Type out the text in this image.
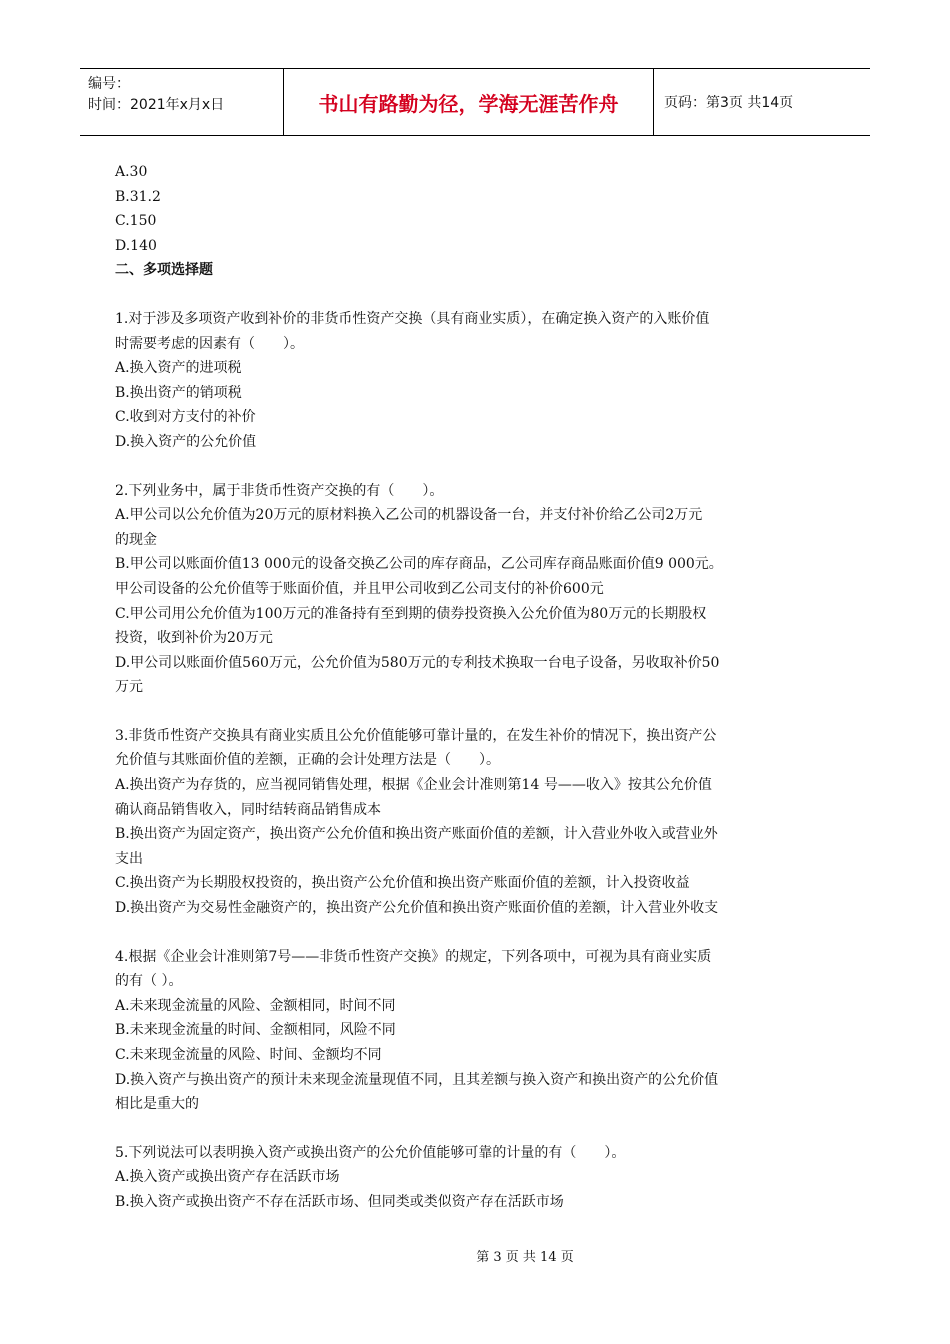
编号：
时间：2021年x月x日	书山有路勤为径，学海无涯苦作舟	页码：第3页 共14页

A.30

B.31.2

C.150

D.140

二、多项选择题

1.对于涉及多项资产收到补价的非货币性资产交换（具有商业实质），在确定换入资产的入账价值

时需要考虑的因素有（　　）。

A.换入资产的进项税

B.换出资产的销项税

C.收到对方支付的补价

D.换入资产的公允价值

2.下列业务中，属于非货币性资产交换的有（　　）。

A.甲公司以公允价值为20万元的原材料换入乙公司的机器设备一台，并支付补价给乙公司2万元

的现金

B.甲公司以账面价值13 000元的设备交换乙公司的库存商品，乙公司库存商品账面价值9 000元。

甲公司设备的公允价值等于账面价值，并且甲公司收到乙公司支付的补价600元

C.甲公司用公允价值为100万元的准备持有至到期的债券投资换入公允价值为80万元的长期股权

投资，收到补价为20万元

D.甲公司以账面价值560万元，公允价值为580万元的专利技术换取一台电子设备，另收取补价50

万元

3.非货币性资产交换具有商业实质且公允价值能够可靠计量的，在发生补价的情况下，换出资产公

允价值与其账面价值的差额，正确的会计处理方法是（　　）。

A.换出资产为存货的，应当视同销售处理，根据《企业会计准则第14 号——收入》按其公允价值

确认商品销售收入，同时结转商品销售成本

B.换出资产为固定资产，换出资产公允价值和换出资产账面价值的差额，计入营业外收入或营业外

支出

C.换出资产为长期股权投资的，换出资产公允价值和换出资产账面价值的差额，计入投资收益

D.换出资产为交易性金融资产的，换出资产公允价值和换出资产账面价值的差额，计入营业外收支

4.根据《企业会计准则第7号——非货币性资产交换》的规定，下列各项中，可视为具有商业实质

的有（ ）。

A.未来现金流量的风险、金额相同，时间不同

B.未来现金流量的时间、金额相同，风险不同

C.未来现金流量的风险、时间、金额均不同

D.换入资产与换出资产的预计未来现金流量现值不同，且其差额与换入资产和换出资产的公允价值

相比是重大的

5.下列说法可以表明换入资产或换出资产的公允价值能够可靠的计量的有（　　）。

A.换入资产或换出资产存在活跃市场

B.换入资产或换出资产不存在活跃市场、但同类或类似资产存在活跃市场

第 3 页 共 14 页
